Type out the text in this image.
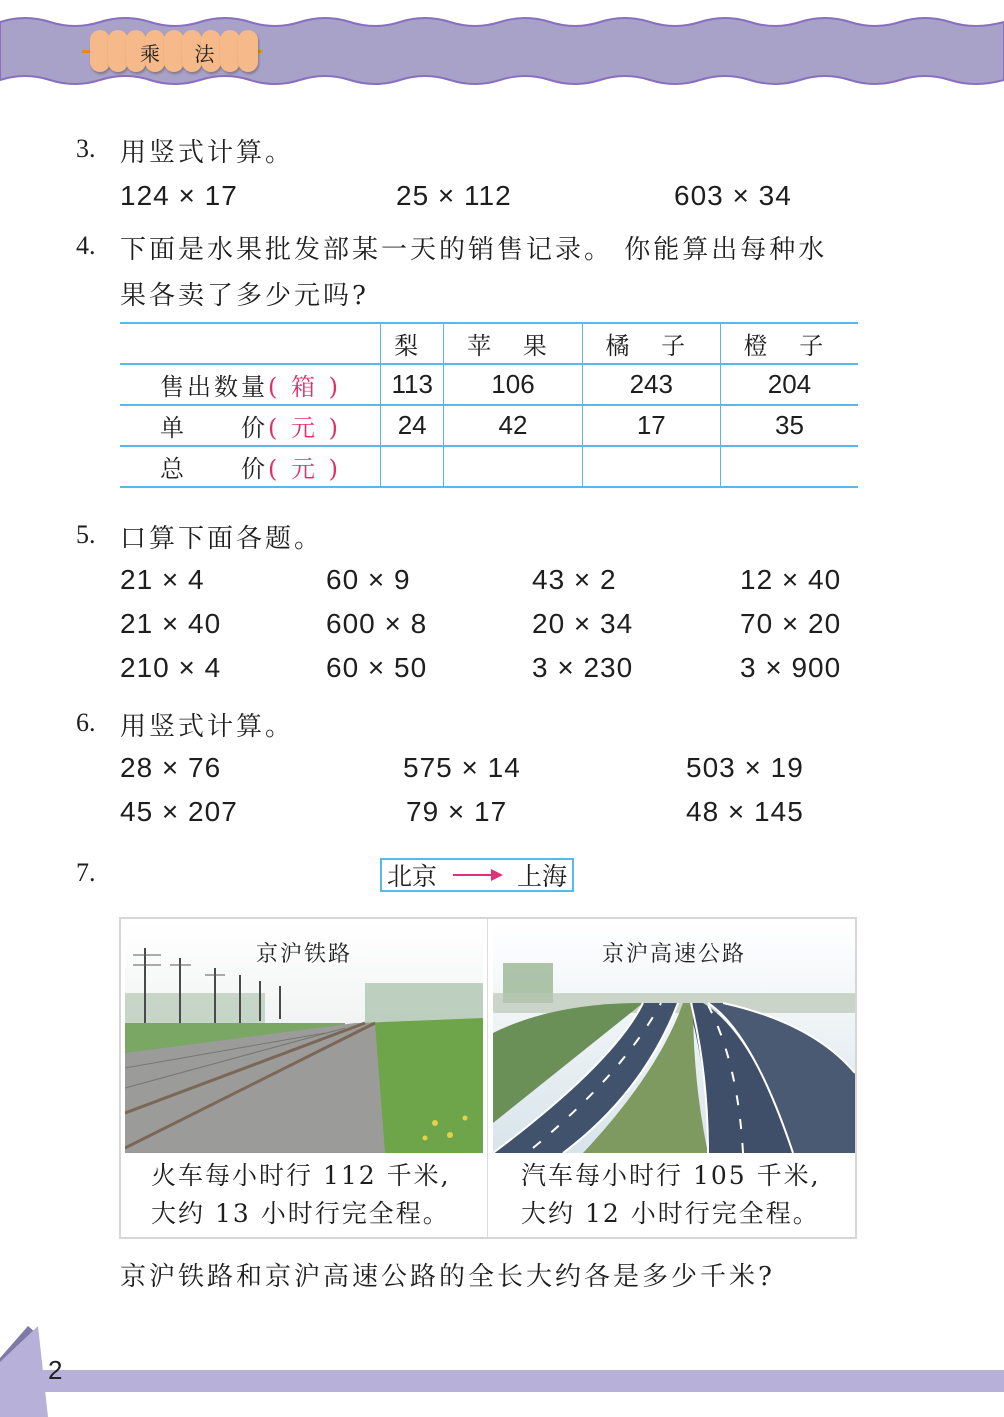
乘 法
3. 用竖式计算。
124 × 17	25 × 112	603 × 34
4. 下面是水果批发部某一天的销售记录。 你能算出每种水
果各卖了多少元吗?
	梨	苹 果	橘 子	橙 子
售出数量( 箱 )	113	106	243	204
单　　价( 元 )	24	42	17	35
总　　价( 元 )				
5. 口算下面各题。
21 × 4	60 × 9	43 × 2	12 × 40
21 × 40	600 × 8	20 × 34	70 × 20
210 × 4	60 × 50	3 × 230	3 × 900
6. 用竖式计算。
28 × 76	575 × 14	503 × 19
45 × 207	79 × 17	48 × 145
7.	北京	上海
京沪铁路	京沪高速公路
火车每小时行 112 千米,
大约 13 小时行完全程。
汽车每小时行 105 千米,
大约 12 小时行完全程。
京沪铁路和京沪高速公路的全长大约各是多少千米?
2
